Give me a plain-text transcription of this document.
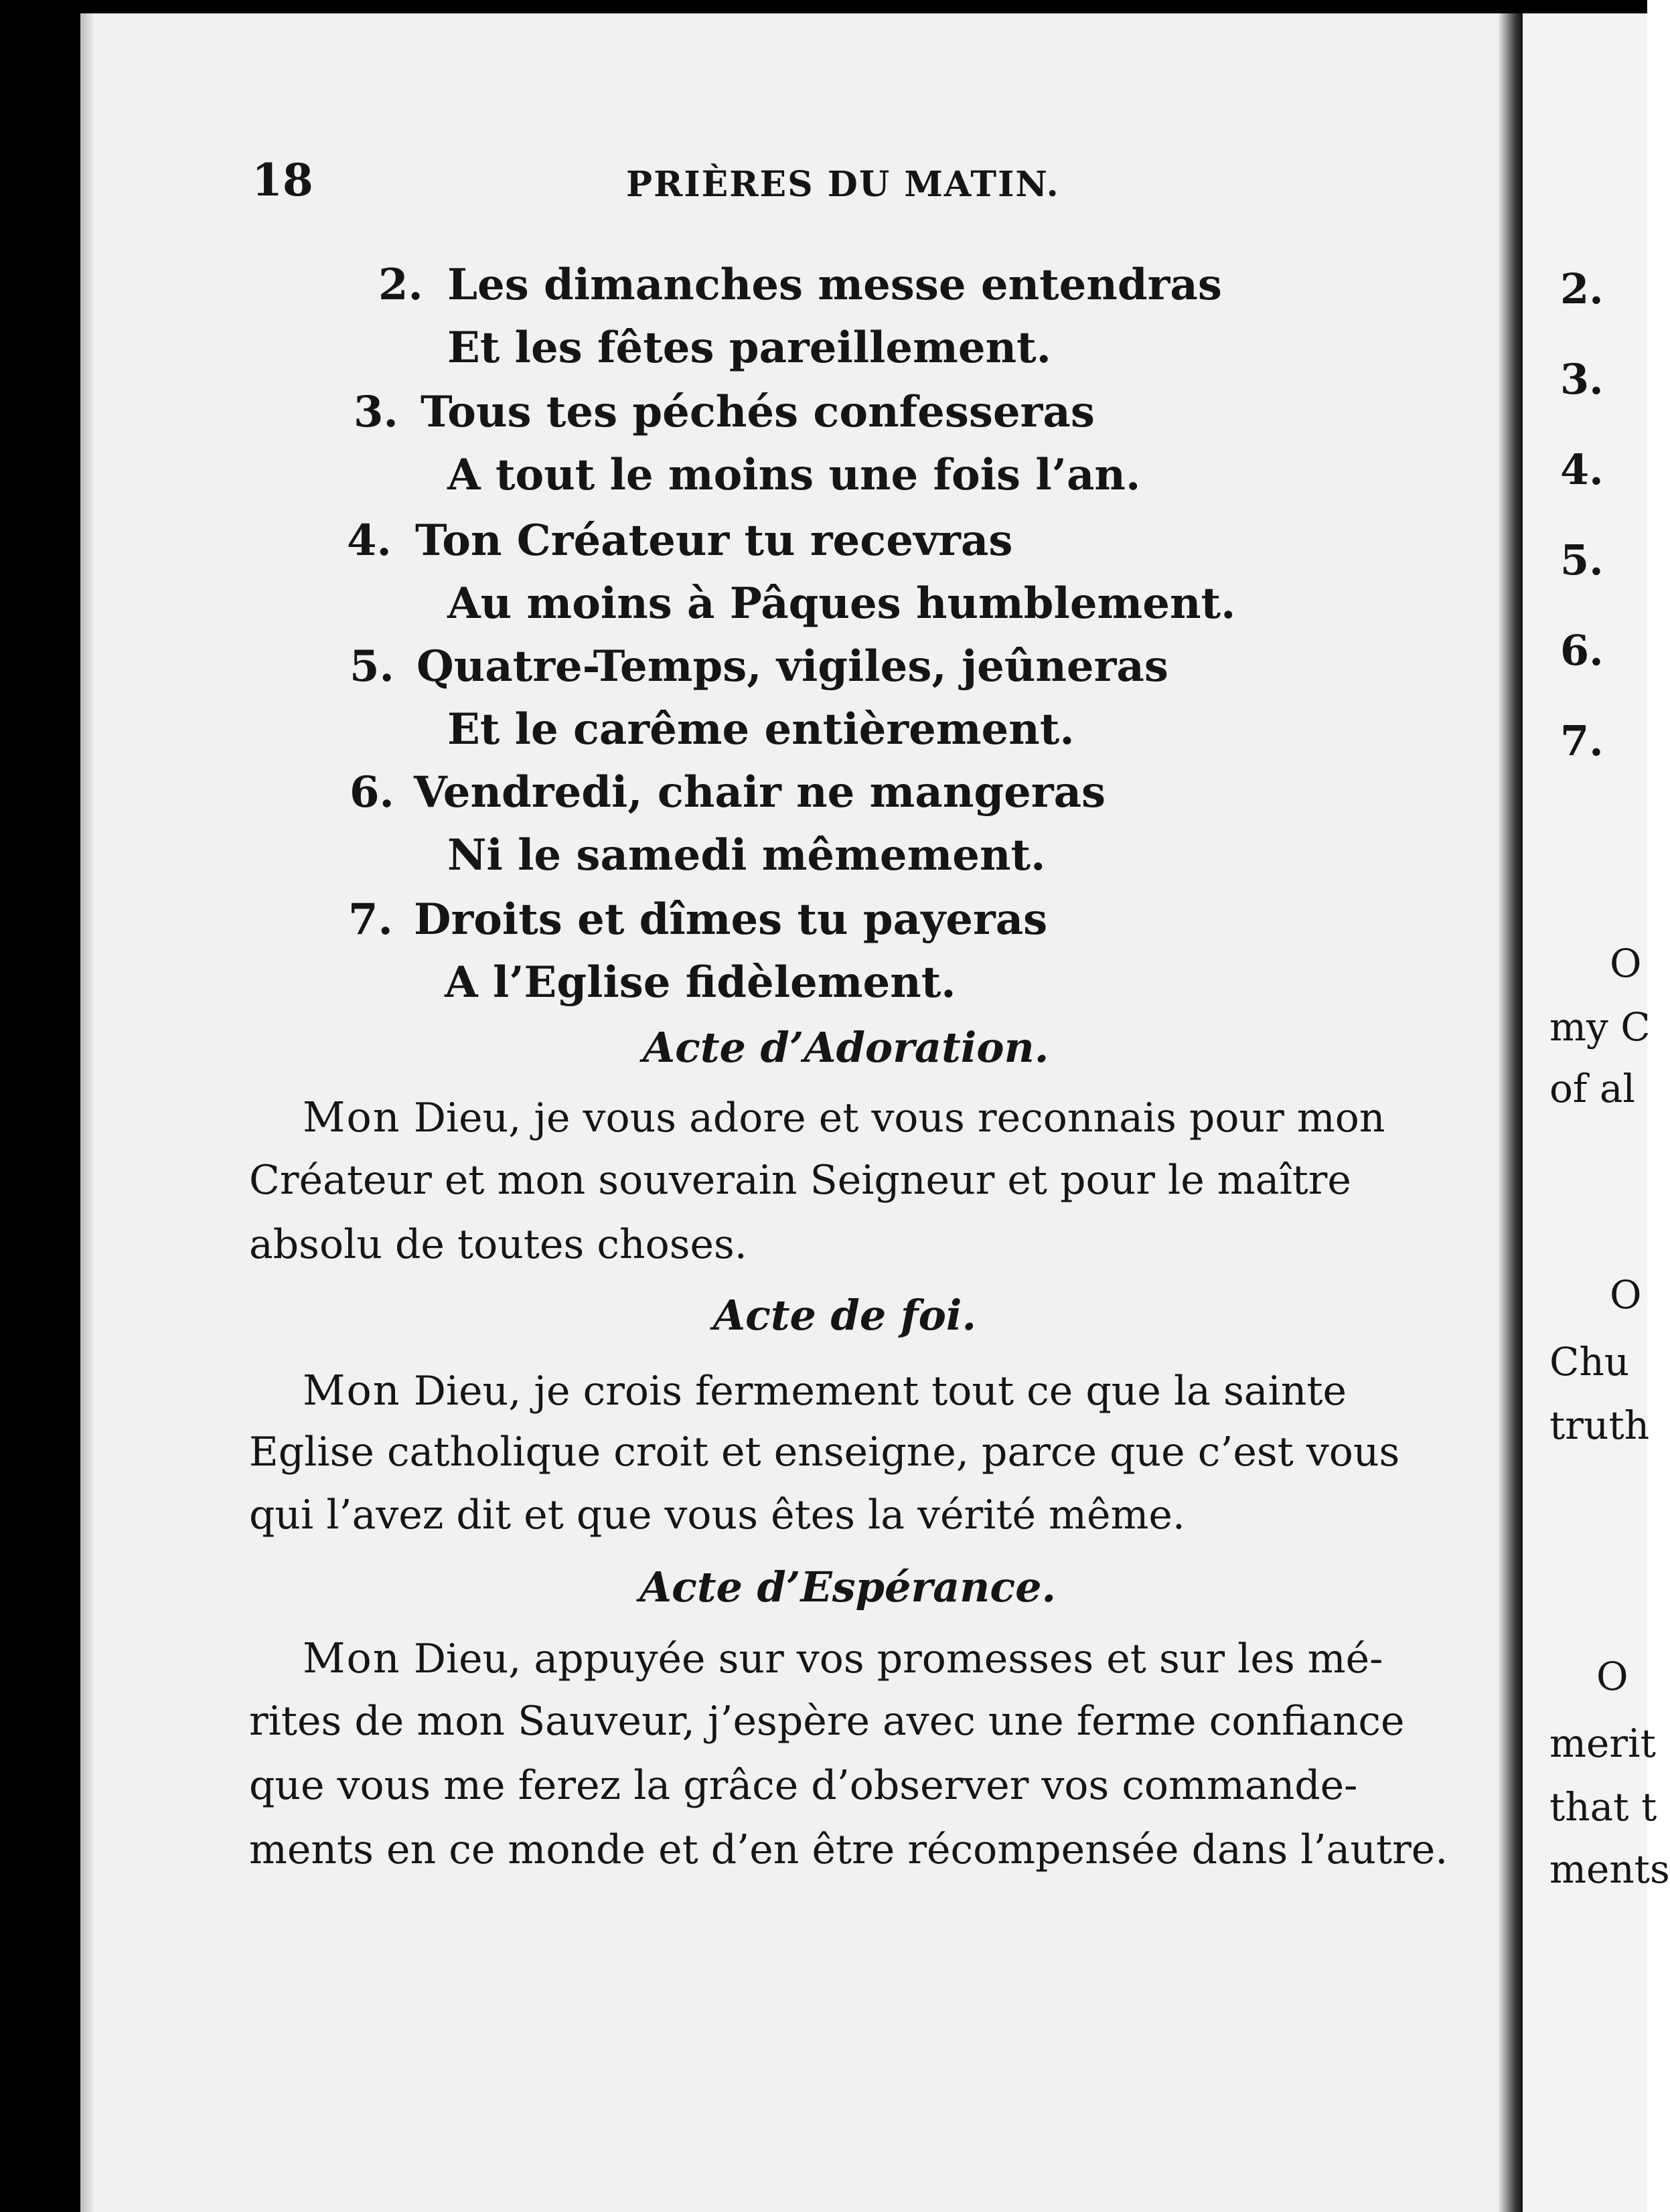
18	PRIÈRES DU MATIN.
2. Les dimanches messe entendras
Et les fêtes pareillement.
3. Tous tes péchés confesseras
A tout le moins une fois l’an.
4. Ton Créateur tu recevras
Au moins à Pâques humblement.
5. Quatre-Temps, vigiles, jeûneras
Et le carême entièrement.
6. Vendredi, chair ne mangeras
Ni le samedi mêmement.
7. Droits et dîmes tu payeras
A l’Eglise fidèlement.
Acte d’Adoration.
Mon Dieu, je vous adore et vous reconnais pour mon
Créateur et mon souverain Seigneur et pour le maître
absolu de toutes choses.
Acte de foi.
Mon Dieu, je crois fermement tout ce que la sainte
Eglise catholique croit et enseigne, parce que c’est vous
qui l’avez dit et que vous êtes la vérité même.
Acte d’Espérance.
Mon Dieu, appuyée sur vos promesses et sur les mé-
rites de mon Sauveur, j’espère avec une ferme confiance
que vous me ferez la grâce d’observer vos commande-
ments en ce monde et d’en être récompensée dans l’autre.
2.
3.
4.
5.
6.
7.
O
my C
of al
O
Chu
truth
O
merit
that t
ments
